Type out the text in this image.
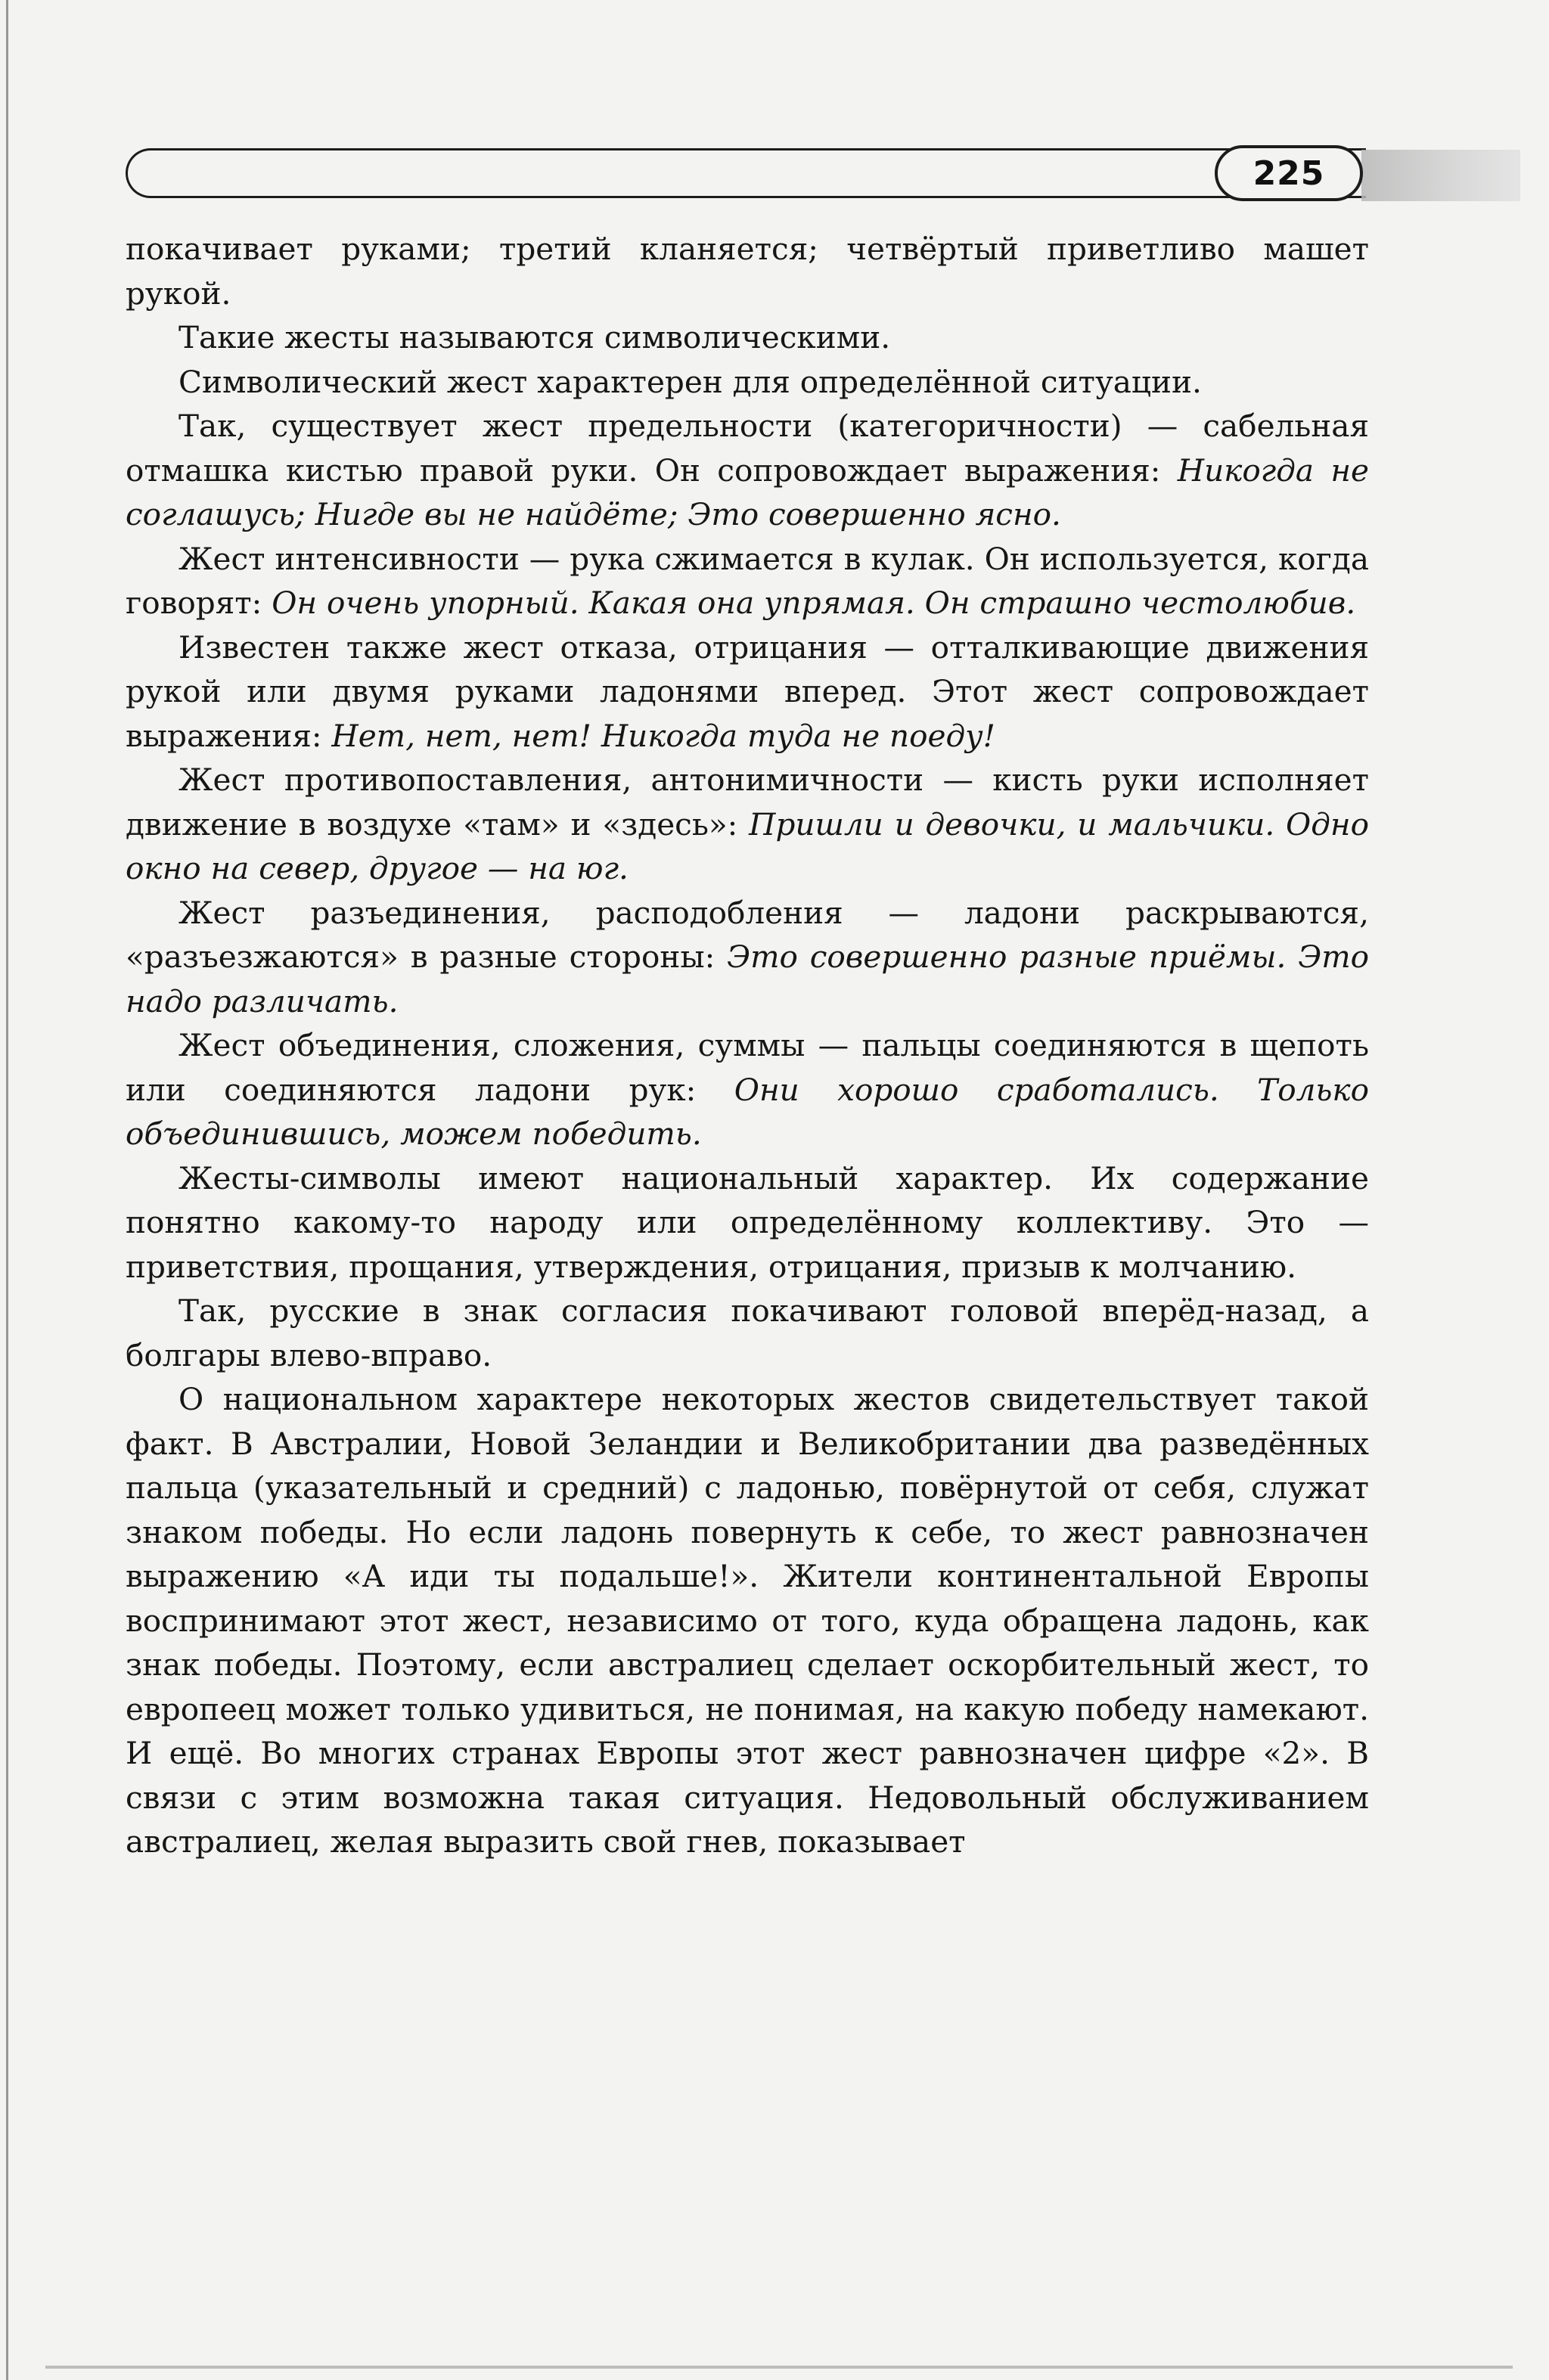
225

покачивает руками; третий кланяется; четвёртый приветливо машет рукой.

Такие жесты называются символическими.

Символический жест характерен для определённой ситуации.

Так, существует жест предельности (категоричности) — сабельная отмашка кистью правой руки. Он сопровождает выражения: Никогда не соглашусь; Нигде вы не найдёте; Это совершенно ясно.

Жест интенсивности — рука сжимается в кулак. Он используется, когда говорят: Он очень упорный. Какая она упрямая. Он страшно честолюбив.

Известен также жест отказа, отрицания — отталкивающие движения рукой или двумя руками ладонями вперед. Этот жест сопровождает выражения: Нет, нет, нет! Никогда туда не поеду!

Жест противопоставления, антонимичности — кисть руки исполняет движение в воздухе «там» и «здесь»: Пришли и девочки, и мальчики. Одно окно на север, другое — на юг.

Жест разъединения, расподобления — ладони раскрываются, «разъезжаются» в разные стороны: Это совершенно разные приёмы. Это надо различать.

Жест объединения, сложения, суммы — пальцы соединяются в щепоть или соединяются ладони рук: Они хорошо сработались. Только объединившись, можем победить.

Жесты-символы имеют национальный характер. Их содержание понятно какому-то народу или определённому коллективу. Это — приветствия, прощания, утверждения, отрицания, призыв к молчанию.

Так, русские в знак согласия покачивают головой вперёд-назад, а болгары влево-вправо.

О национальном характере некоторых жестов свидетельствует такой факт. В Австралии, Новой Зеландии и Великобритании два разведённых пальца (указательный и средний) с ладонью, повёрнутой от себя, служат знаком победы. Но если ладонь повернуть к себе, то жест равнозначен выражению «А иди ты подальше!». Жители континентальной Европы воспринимают этот жест, независимо от того, куда обращена ладонь, как знак победы. Поэтому, если австралиец сделает оскорбительный жест, то европеец может только удивиться, не понимая, на какую победу намекают. И ещё. Во многих странах Европы этот жест равнозначен цифре «2». В связи с этим возможна такая ситуация. Недовольный обслуживанием австралиец, желая выразить свой гнев, показывает
